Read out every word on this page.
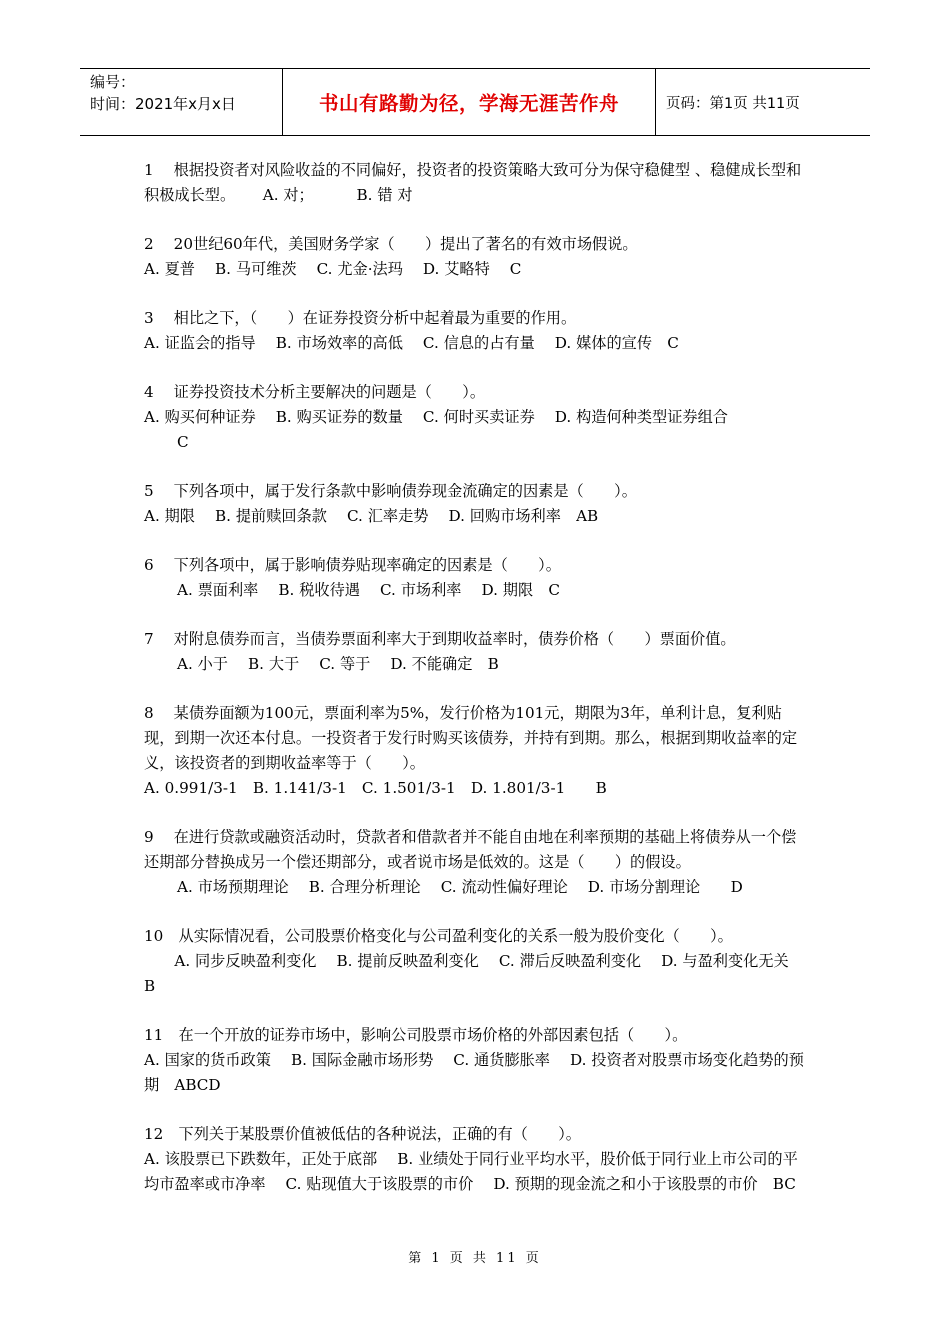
编号：
时间：2021年x月x日	书山有路勤为径，学海无涯苦作舟	页码：第1页 共11页

1　 根据投资者对风险收益的不同偏好，投资者的投资策略大致可分为保守稳健型 、稳健成长型和积极成长型。　　 A. 对；　　　 B. 错 对

2　 20世纪60年代，美国财务学家（　　）提出了著名的有效市场假说。

A. 夏普　 B. 马可维茨　 C. 尤金·法玛　 D. 艾略特　 C

3　 相比之下，（　　）在证券投资分析中起着最为重要的作用。

A. 证监会的指导　 B. 市场效率的高低　 C. 信息的占有量　 D. 媒体的宣传　C

4　 证券投资技术分析主要解决的问题是（　　）。

A. 购买何种证券　 B. 购买证券的数量　 C. 何时买卖证券　 D. 构造何种类型证券组合

C

5　 下列各项中，属于发行条款中影响债券现金流确定的因素是（　　）。

A. 期限　 B. 提前赎回条款　 C. 汇率走势　 D. 回购市场利率　AB

6　 下列各项中，属于影响债券贴现率确定的因素是（　　）。

A. 票面利率　 B. 税收待遇　 C. 市场利率　 D. 期限　C

7　 对附息债券而言，当债券票面利率大于到期收益率时，债券价格（　　）票面价值。

A. 小于　 B. 大于　 C. 等于　 D. 不能确定　B

8　 某债券面额为100元，票面利率为5%，发行价格为101元，期限为3年，单利计息，复利贴现，到期一次还本付息。一投资者于发行时购买该债券，并持有到期。那么，根据到期收益率的定义，该投资者的到期收益率等于（　　）。

A. 0.991/3-1　B. 1.141/3-1　C. 1.501/3-1　D. 1.801/3-1　　B

9　 在进行贷款或融资活动时，贷款者和借款者并不能自由地在利率预期的基础上将债券从一个偿还期部分替换成另一个偿还期部分，或者说市场是低效的。这是（　　）的假设。

A. 市场预期理论　 B. 合理分析理论　 C. 流动性偏好理论　 D. 市场分割理论　　D

10　从实际情况看，公司股票价格变化与公司盈利变化的关系一般为股价变化（　　）。

　　A. 同步反映盈利变化　 B. 提前反映盈利变化　 C. 滞后反映盈利变化　 D. 与盈利变化无关　B

11　在一个开放的证券市场中，影响公司股票市场价格的外部因素包括（　　）。

A. 国家的货币政策　 B. 国际金融市场形势　 C. 通货膨胀率　 D. 投资者对股票市场变化趋势的预期　ABCD

12　下列关于某股票价值被低估的各种说法，正确的有（　　）。

A. 该股票已下跌数年，正处于底部　 B. 业绩处于同行业平均水平，股价低于同行业上市公司的平均市盈率或市净率　 C. 贴现值大于该股票的市价　 D. 预期的现金流之和小于该股票的市价　BC

第 1 页 共 11 页
